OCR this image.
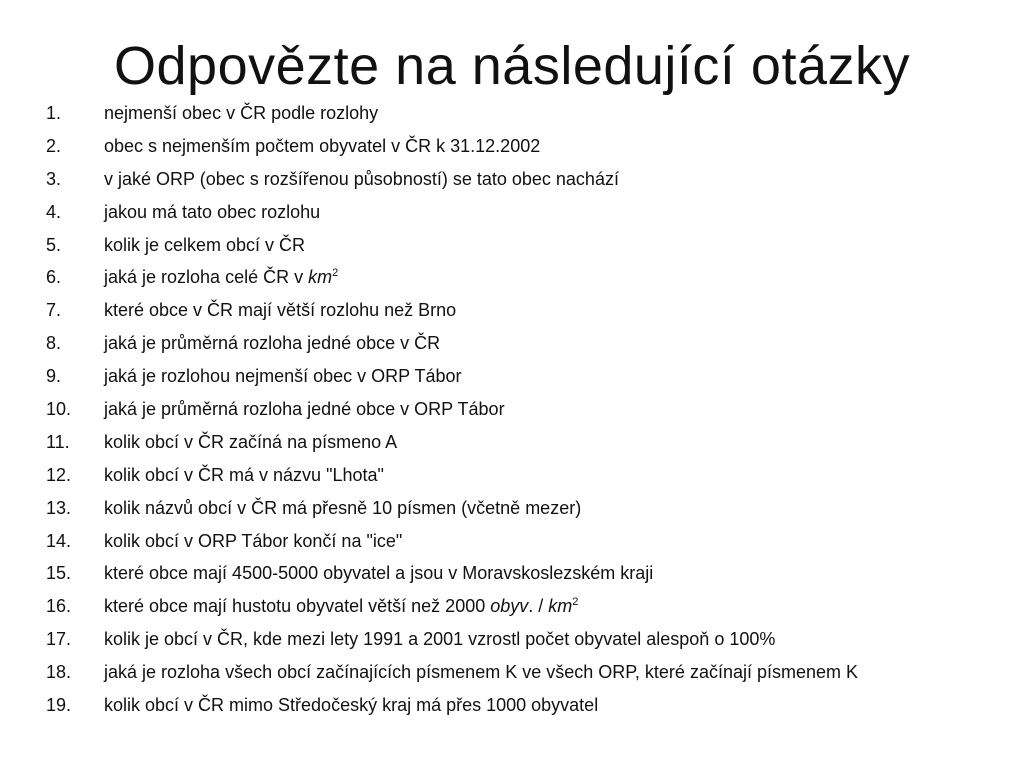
Odpovězte na následující otázky
1.	nejmenší obec v ČR podle rozlohy
2.	obec s nejmenším počtem obyvatel v ČR k 31.12.2002
3.	v jaké ORP (obec s rozšířenou působností) se tato obec nachází
4.	jakou má tato obec rozlohu
5.	kolik je celkem obcí v ČR
6.	jaká je rozloha celé ČR v $km^2$
7.	které obce v ČR mají větší rozlohu než Brno
8.	jaká je průměrná rozloha jedné obce v ČR
9.	jaká je rozlohou nejmenší obec v ORP Tábor
10.	jaká je průměrná rozloha jedné obce v ORP Tábor
11.	kolik obcí v ČR začíná na písmeno A
12.	kolik obcí v ČR má v názvu "Lhota"
13.	kolik názvů obcí v ČR má přesně 10 písmen (včetně mezer)
14.	kolik obcí v ORP Tábor končí na "ice"
15.	které obce mají 4500-5000 obyvatel a jsou v Moravskoslezském kraji
16.	které obce mají hustotu obyvatel větší než 2000 obyv. / $km^2$
17.	kolik je obcí v ČR, kde mezi lety 1991 a 2001 vzrostl počet obyvatel alespoň o 100%
18.	jaká je rozloha všech obcí začínajících písmenem K ve všech ORP, které začínají písmenem K
19.	kolik obcí v ČR mimo Středočeský kraj má přes 1000 obyvatel
